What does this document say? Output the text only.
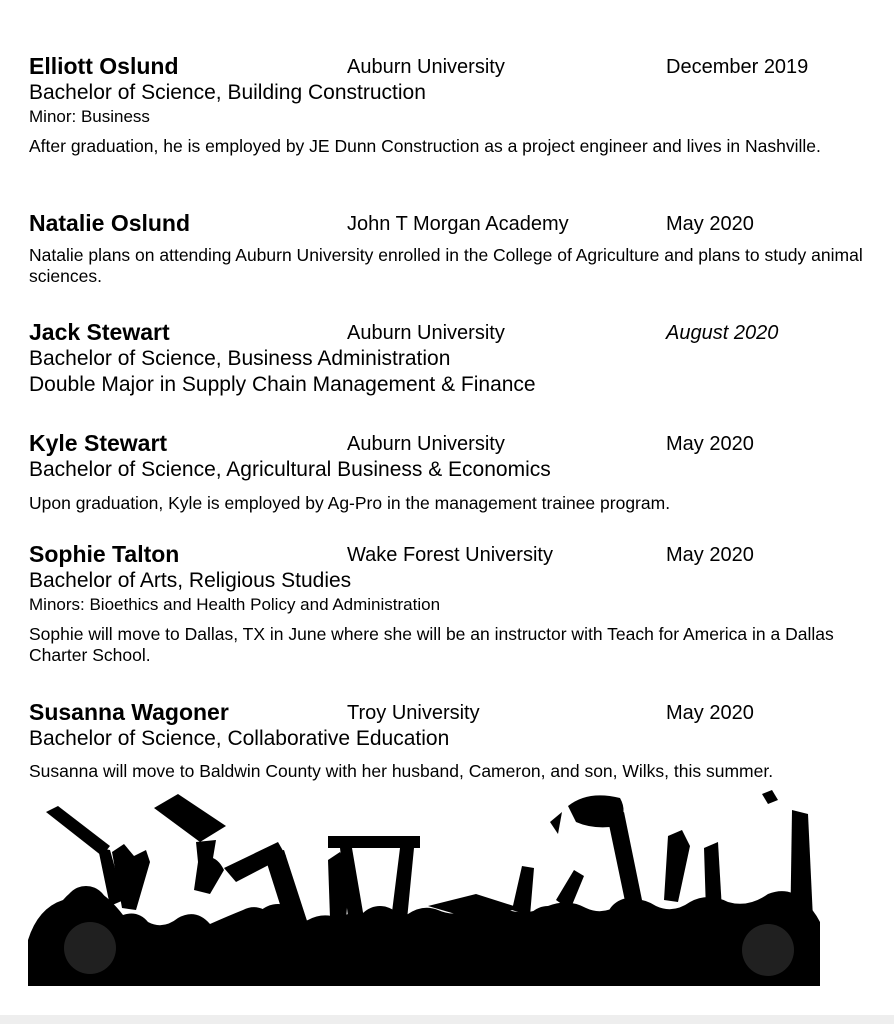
Elliott Oslund	Auburn University	December 2019
Bachelor of Science, Building Construction
Minor: Business
After graduation, he is employed by JE Dunn Construction as a project engineer and lives in Nashville.
Natalie Oslund	John T Morgan Academy	May 2020
Natalie plans on attending Auburn University enrolled in the College of Agriculture and plans to study animal sciences.
Jack Stewart	Auburn University	August 2020
Bachelor of Science, Business Administration
Double Major in Supply Chain Management & Finance
Kyle Stewart	Auburn University	May 2020
Bachelor of Science, Agricultural Business & Economics
Upon graduation, Kyle is employed by Ag-Pro in the management trainee program.
Sophie Talton	Wake Forest University	May 2020
Bachelor of Arts, Religious Studies
Minors: Bioethics and Health Policy and Administration
Sophie will move to Dallas, TX in June where she will be an instructor with Teach for America in a Dallas Charter School.
Susanna Wagoner	Troy University	May 2020
Bachelor of Science, Collaborative Education
Susanna will move to Baldwin County with her husband, Cameron, and son, Wilks, this summer.
